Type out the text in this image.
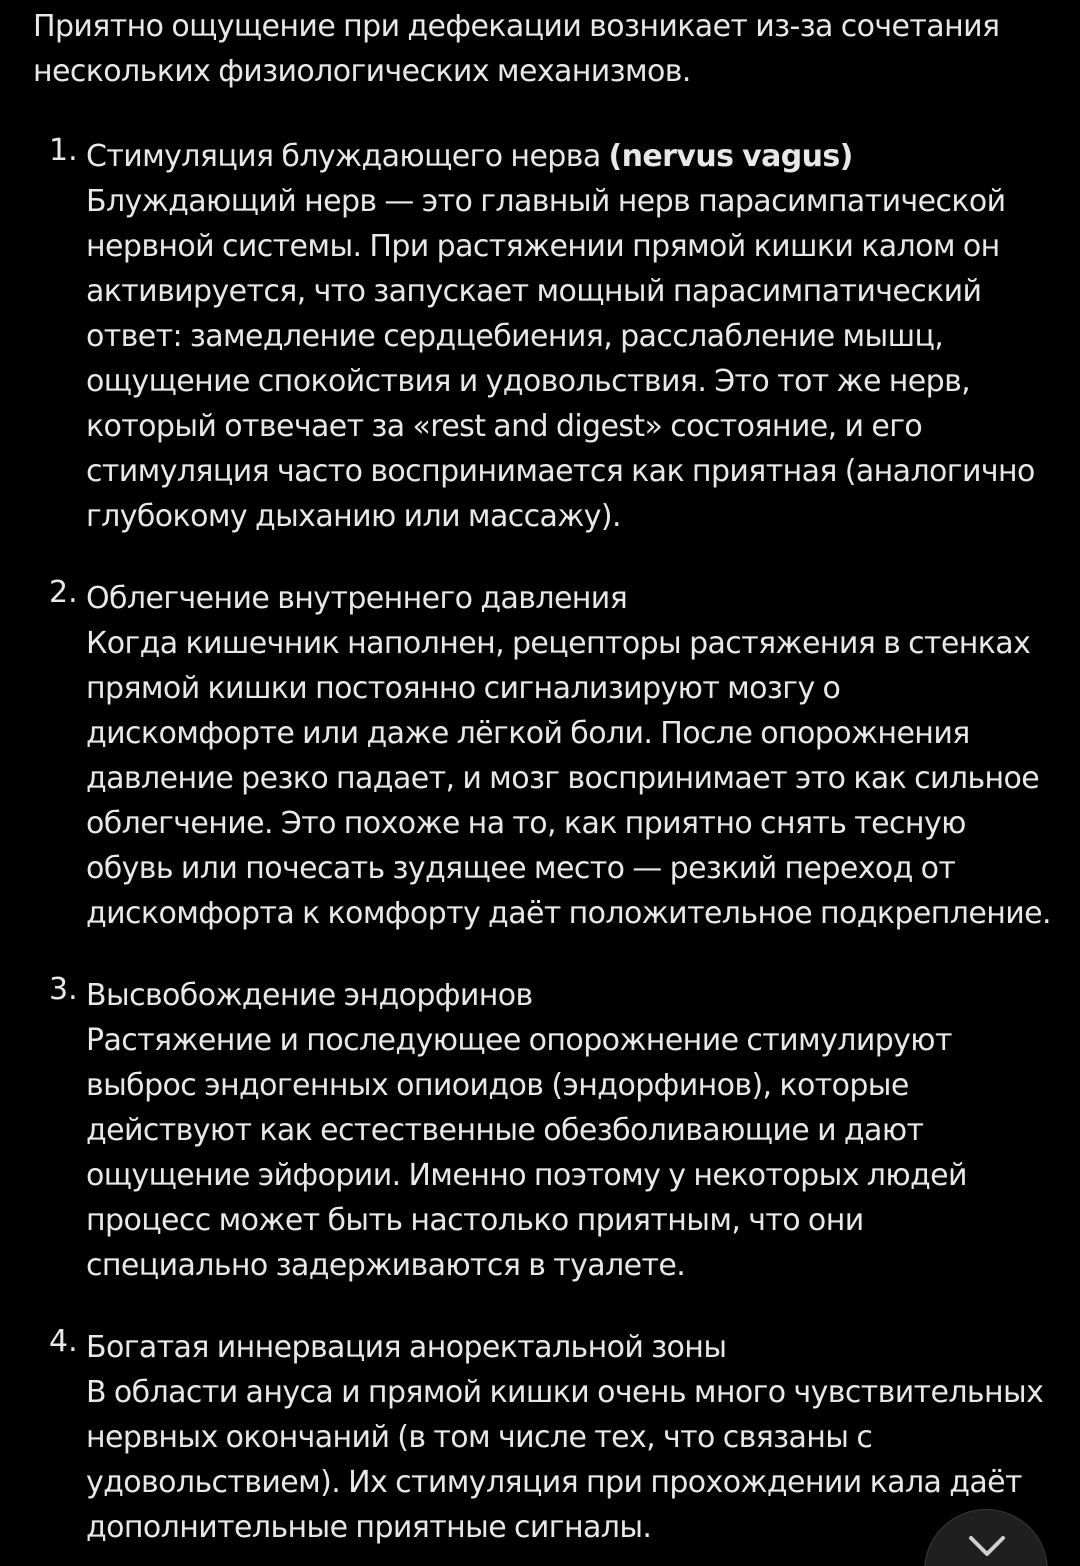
Приятно ощущение при дефекации возникает из-за сочетания нескольких физиологических механизмов.

1. Стимуляция блуждающего нерва (nervus vagus)
Блуждающий нерв — это главный нерв парасимпатической нервной системы. При растяжении прямой кишки калом он активируется, что запускает мощный парасимпатический ответ: замедление сердцебиения, расслабление мышц, ощущение спокойствия и удовольствия. Это тот же нерв, который отвечает за «rest and digest» состояние, и его стимуляция часто воспринимается как приятная (аналогично глубокому дыханию или массажу).
2. Облегчение внутреннего давления
Когда кишечник наполнен, рецепторы растяжения в стенках прямой кишки постоянно сигнализируют мозгу о дискомфорте или даже лёгкой боли. После опорожнения давление резко падает, и мозг воспринимает это как сильное облегчение. Это похоже на то, как приятно снять тесную обувь или почесать зудящее место — резкий переход от дискомфорта к комфорту даёт положительное подкрепление.
3. Высвобождение эндорфинов
Растяжение и последующее опорожнение стимулируют выброс эндогенных опиоидов (эндорфинов), которые действуют как естественные обезболивающие и дают ощущение эйфории. Именно поэтому у некоторых людей процесс может быть настолько приятным, что они специально задерживаются в туалете.
4. Богатая иннервация аноректальной зоны
В области ануса и прямой кишки очень много чувствительных нервных окончаний (в том числе тех, что связаны с удовольствием). Их стимуляция при прохождении кала даёт дополнительные приятные сигналы.
